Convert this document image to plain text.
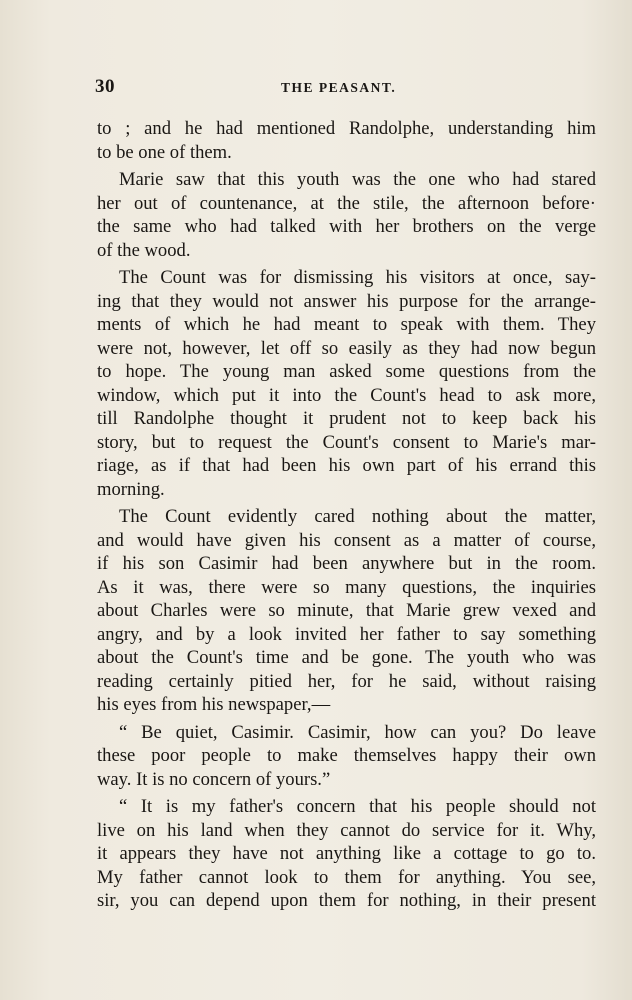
30	THE PEASANT.
to ; and he had mentioned Randolphe, understanding him
to be one of them.
Marie saw that this youth was the one who had stared
her out of countenance, at the stile, the afternoon before·
the same who had talked with her brothers on the verge
of the wood.
The Count was for dismissing his visitors at once, say-
ing that they would not answer his purpose for the arrange-
ments of which he had meant to speak with them. They
were not, however, let off so easily as they had now begun
to hope. The young man asked some questions from the
window, which put it into the Count's head to ask more,
till Randolphe thought it prudent not to keep back his
story, but to request the Count's consent to Marie's mar-
riage, as if that had been his own part of his errand this
morning.
The Count evidently cared nothing about the matter,
and would have given his consent as a matter of course,
if his son Casimir had been anywhere but in the room.
As it was, there were so many questions, the inquiries
about Charles were so minute, that Marie grew vexed and
angry, and by a look invited her father to say something
about the Count's time and be gone. The youth who was
reading certainly pitied her, for he said, without raising
his eyes from his newspaper,—
“ Be quiet, Casimir. Casimir, how can you? Do leave
these poor people to make themselves happy their own
way. It is no concern of yours.”
“ It is my father's concern that his people should not
live on his land when they cannot do service for it. Why,
it appears they have not anything like a cottage to go to.
My father cannot look to them for anything. You see,
sir, you can depend upon them for nothing, in their present
